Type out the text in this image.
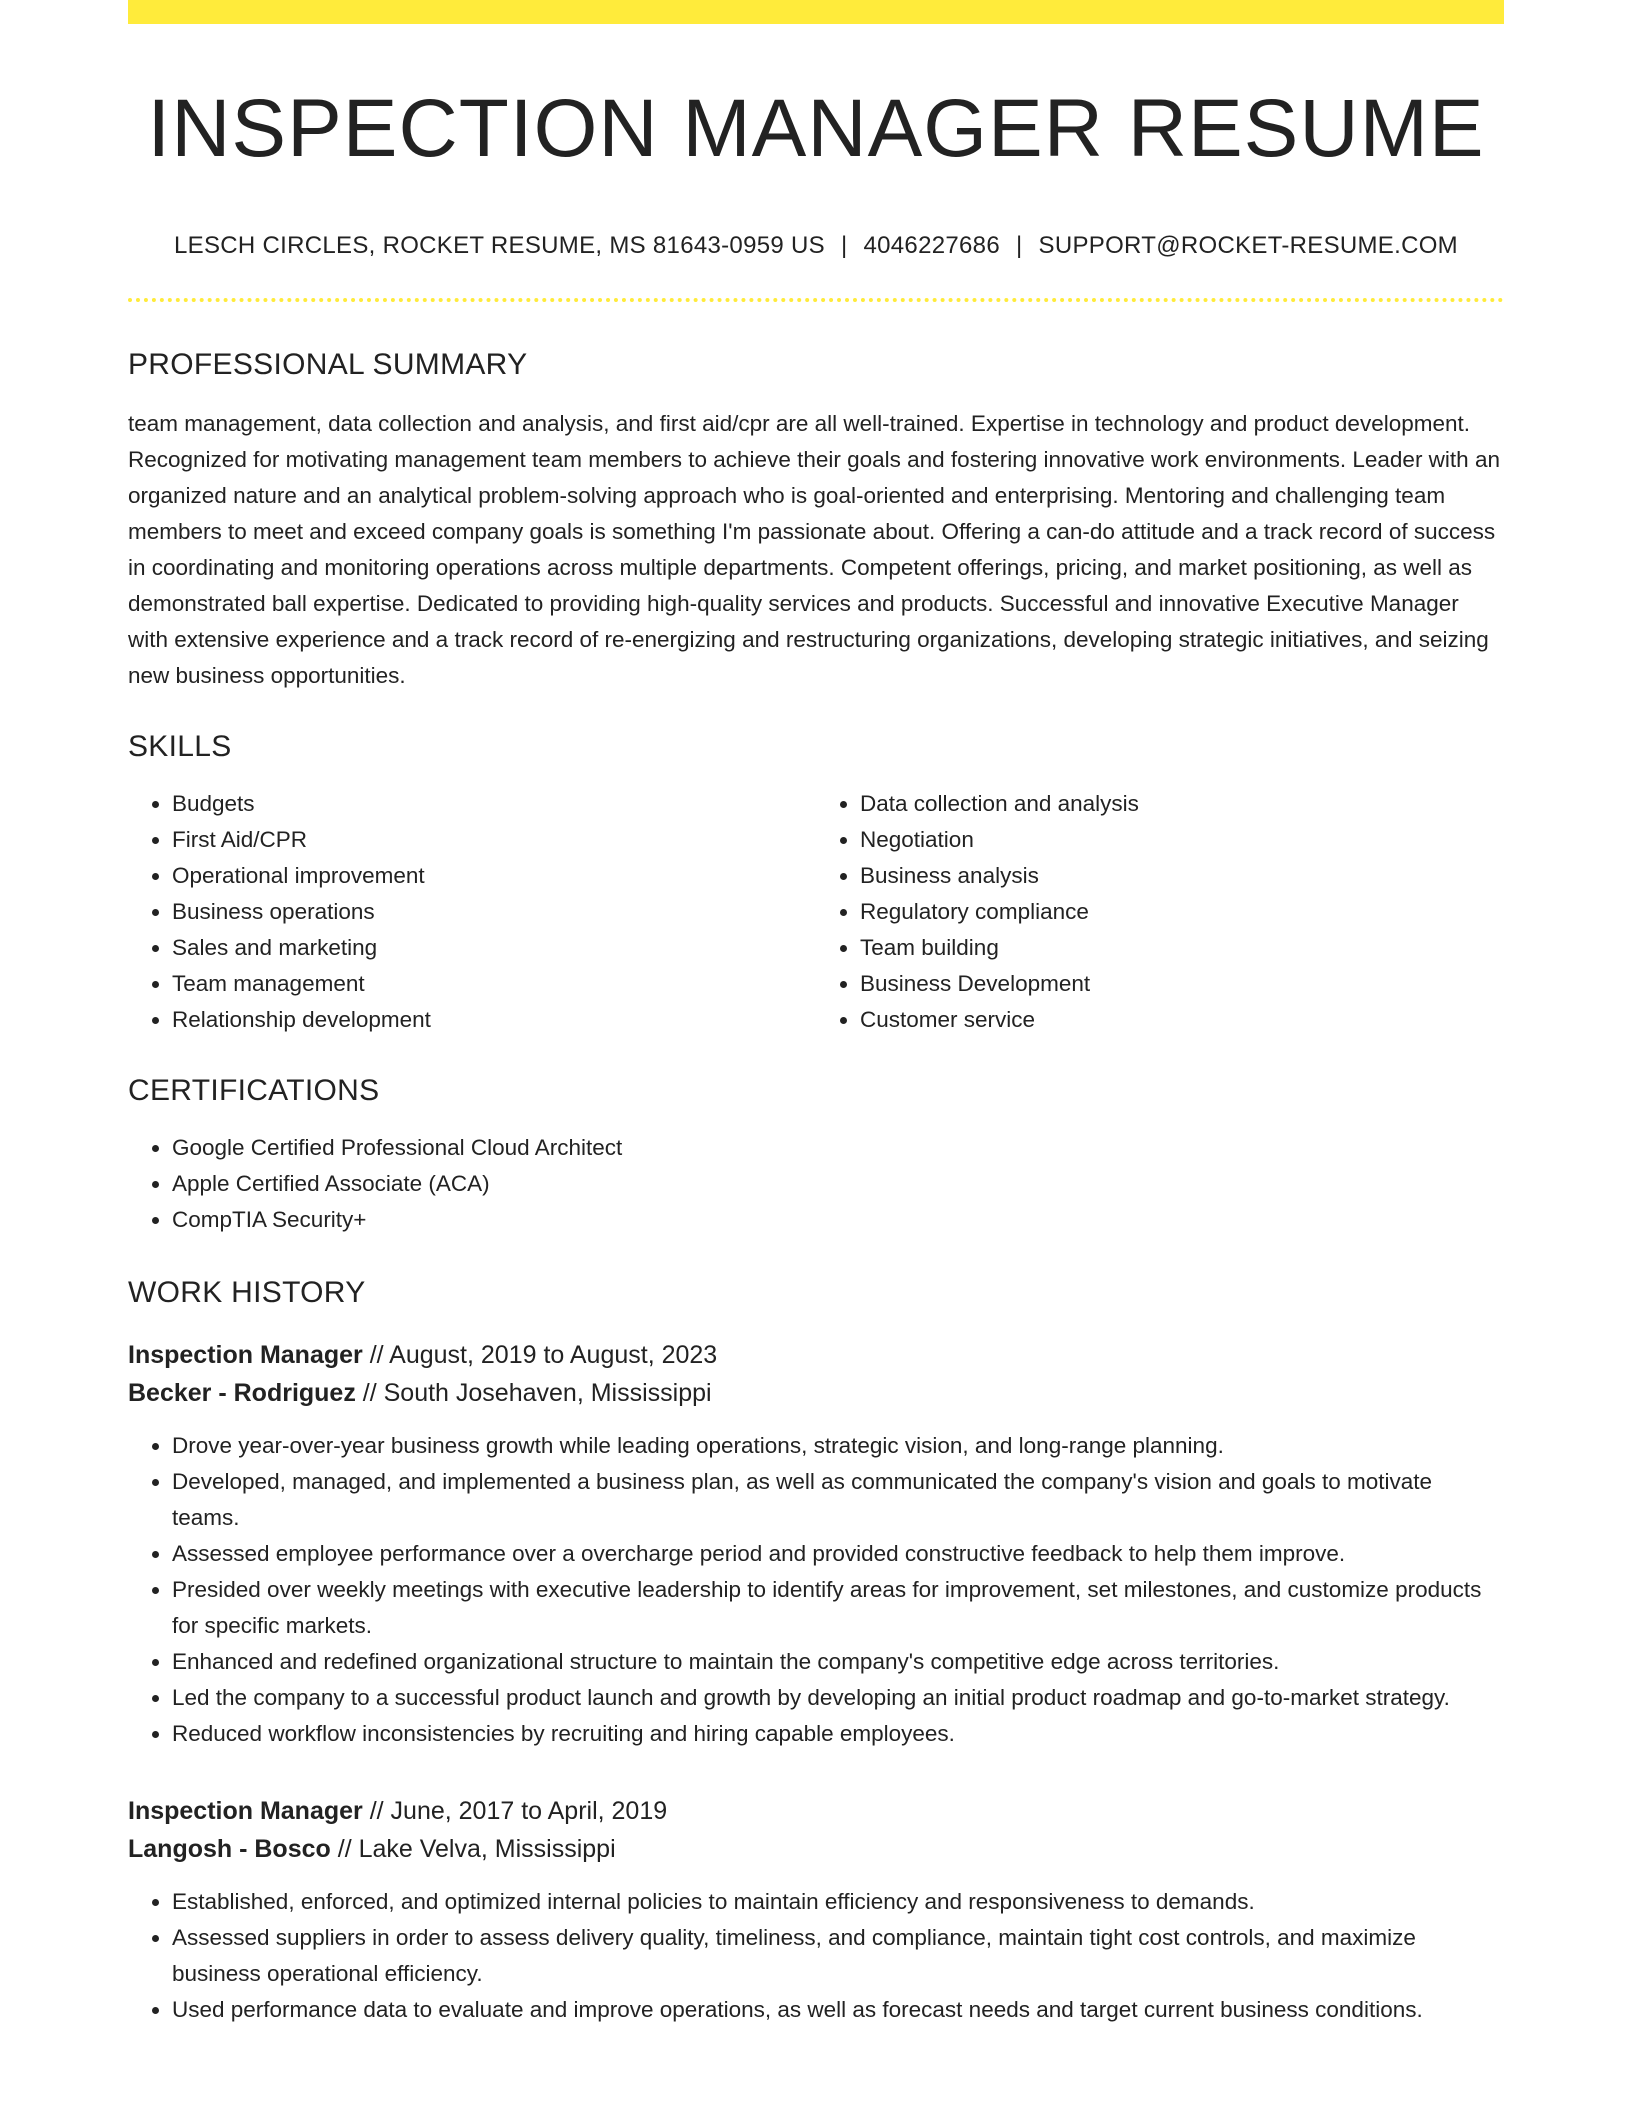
INSPECTION MANAGER RESUME
LESCH CIRCLES, ROCKET RESUME, MS 81643-0959 US | 4046227686 | SUPPORT@ROCKET-RESUME.COM
PROFESSIONAL SUMMARY

team management, data collection and analysis, and first aid/cpr are all well-trained. Expertise in technology and product development. Recognized for motivating management team members to achieve their goals and fostering innovative work environments. Leader with an organized nature and an analytical problem-solving approach who is goal-oriented and enterprising. Mentoring and challenging team members to meet and exceed company goals is something I'm passionate about. Offering a can-do attitude and a track record of success in coordinating and monitoring operations across multiple departments. Competent offerings, pricing, and market positioning, as well as demonstrated ball expertise. Dedicated to providing high-quality services and products. Successful and innovative Executive Manager with extensive experience and a track record of re-energizing and restructuring organizations, developing strategic initiatives, and seizing new business opportunities.

SKILLS
• Budgets
• First Aid/CPR
• Operational improvement
• Business operations
• Sales and marketing
• Team management
• Relationship development
• Data collection and analysis
• Negotiation
• Business analysis
• Regulatory compliance
• Team building
• Business Development
• Customer service
CERTIFICATIONS
• Google Certified Professional Cloud Architect
• Apple Certified Associate (ACA)
• CompTIA Security+
WORK HISTORY
Inspection Manager // August, 2019 to August, 2023
Becker - Rodriguez // South Josehaven, Mississippi
• Drove year-over-year business growth while leading operations, strategic vision, and long-range planning.
• Developed, managed, and implemented a business plan, as well as communicated the company's vision and goals to motivate teams.
• Assessed employee performance over a overcharge period and provided constructive feedback to help them improve.
• Presided over weekly meetings with executive leadership to identify areas for improvement, set milestones, and customize products for specific markets.
• Enhanced and redefined organizational structure to maintain the company's competitive edge across territories.
• Led the company to a successful product launch and growth by developing an initial product roadmap and go-to-market strategy.
• Reduced workflow inconsistencies by recruiting and hiring capable employees.
Inspection Manager // June, 2017 to April, 2019
Langosh - Bosco // Lake Velva, Mississippi
• Established, enforced, and optimized internal policies to maintain efficiency and responsiveness to demands.
• Assessed suppliers in order to assess delivery quality, timeliness, and compliance, maintain tight cost controls, and maximize business operational efficiency.
• Used performance data to evaluate and improve operations, as well as forecast needs and target current business conditions.
